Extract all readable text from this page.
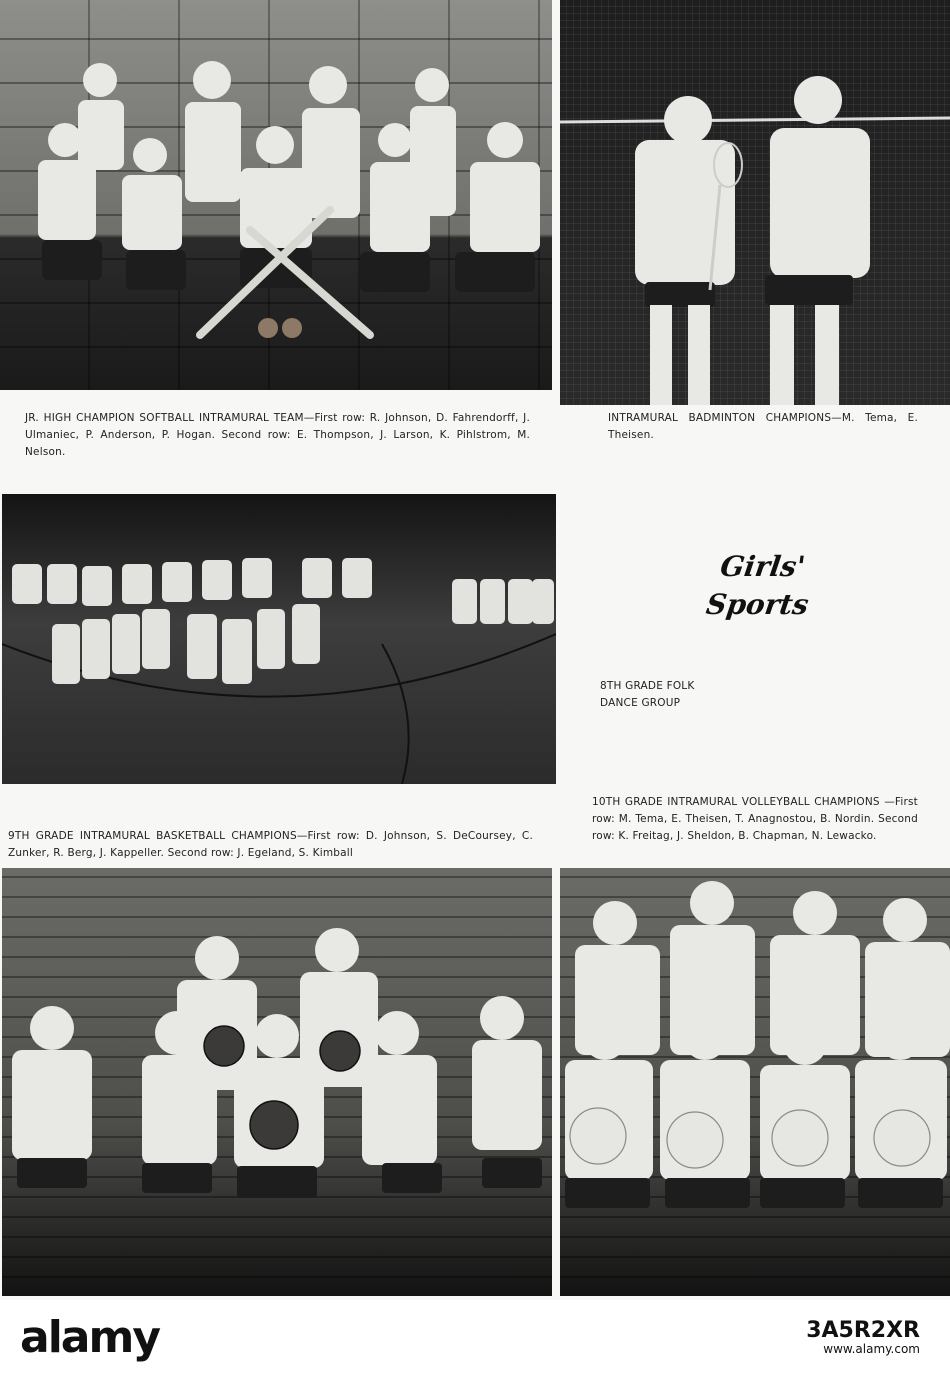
JR. HIGH CHAMPION SOFTBALL INTRAMURAL TEAM—First row: R. Johnson, D. Fahrendorff, J. Ulmaniec, P. Anderson, P. Hogan. Second row: E. Thompson, J. Larson, K. Pihlstrom, M. Nelson.
INTRAMURAL BADMINTON CHAMPIONS—M. Tema, E. Theisen.
Girls'
Sports
8TH GRADE FOLK
DANCE GROUP
10TH GRADE INTRAMURAL VOLLEYBALL CHAMPIONS —First row: M. Tema, E. Theisen, T. Anagnostou, B. Nordin. Second row: K. Freitag, J. Sheldon, B. Chapman, N. Lewacko.
9TH GRADE INTRAMURAL BASKETBALL CHAMPIONS—First row: D. Johnson, S. DeCoursey, C. Zunker, R. Berg, J. Kappeller. Second row: J. Egeland, S. Kimball
alamy	3A5R2XR
www.alamy.com
